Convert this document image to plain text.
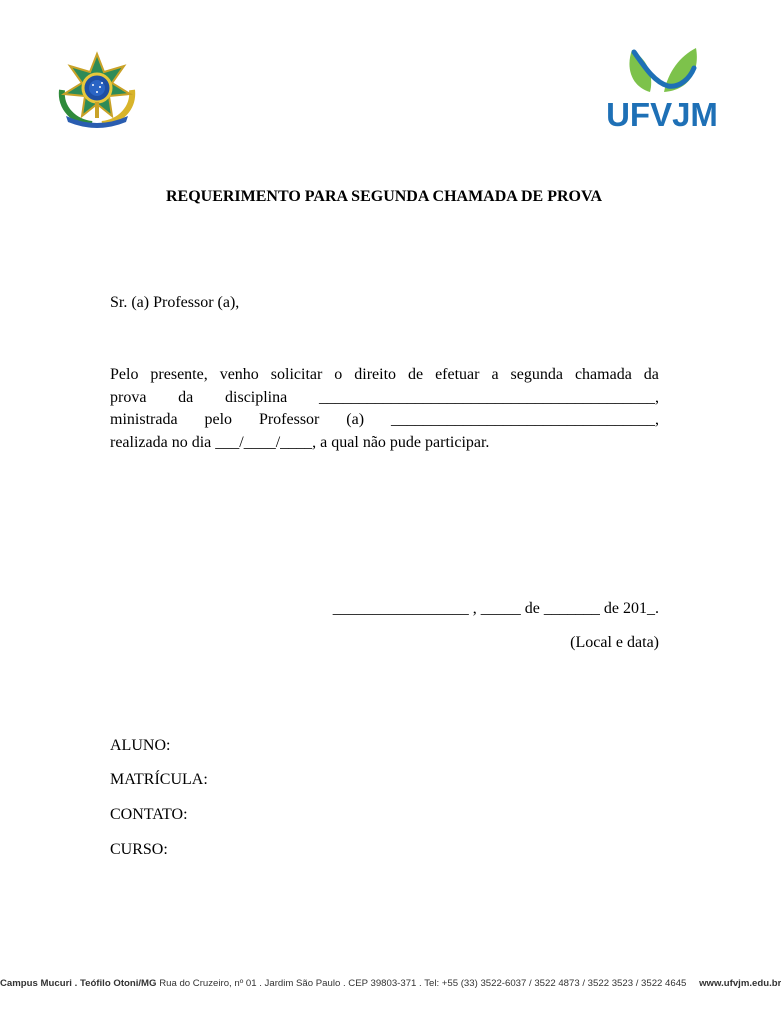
UFVJM
REQUERIMENTO PARA SEGUNDA CHAMADA DE PROVA
Sr. (a) Professor (a),
Pelo presente, venho solicitar o direito de efetuar a segunda chamada da
prova da disciplina __________________________________________,
ministrada pelo Professor (a) _________________________________,
realizada no dia ___/____/____, a qual não pude participar.
_________________ , _____ de _______ de 201_.
(Local e data)
ALUNO:
MATRÍCULA:
CONTATO:
CURSO:
Campus Mucuri . Teófilo Otoni/MG Rua do Cruzeiro, nº 01 . Jardim São Paulo . CEP 39803-371 . Tel: +55 (33) 3522-6037 / 3522 4873 / 3522 3523 / 3522 4645 www.ufvjm.edu.br
